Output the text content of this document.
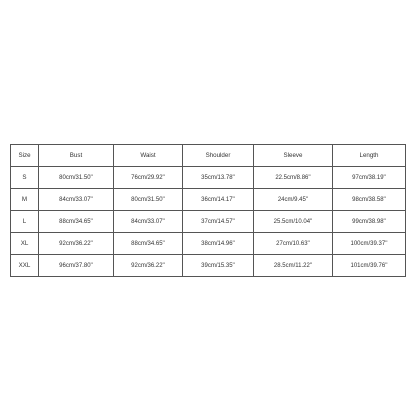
Size	Bust	Waist	Shoulder	Sleeve	Length
S	80cm/31.50''	76cm/29.92''	35cm/13.78''	22.5cm/8.86''	97cm/38.19''
M	84cm/33.07''	80cm/31.50''	36cm/14.17''	24cm/9.45''	98cm/38.58''
L	88cm/34.65''	84cm/33.07''	37cm/14.57''	25.5cm/10.04''	99cm/38.98''
XL	92cm/36.22''	88cm/34.65''	38cm/14.96''	27cm/10.63''	100cm/39.37''
XXL	96cm/37.80''	92cm/36.22''	39cm/15.35''	28.5cm/11.22''	101cm/39.76''
